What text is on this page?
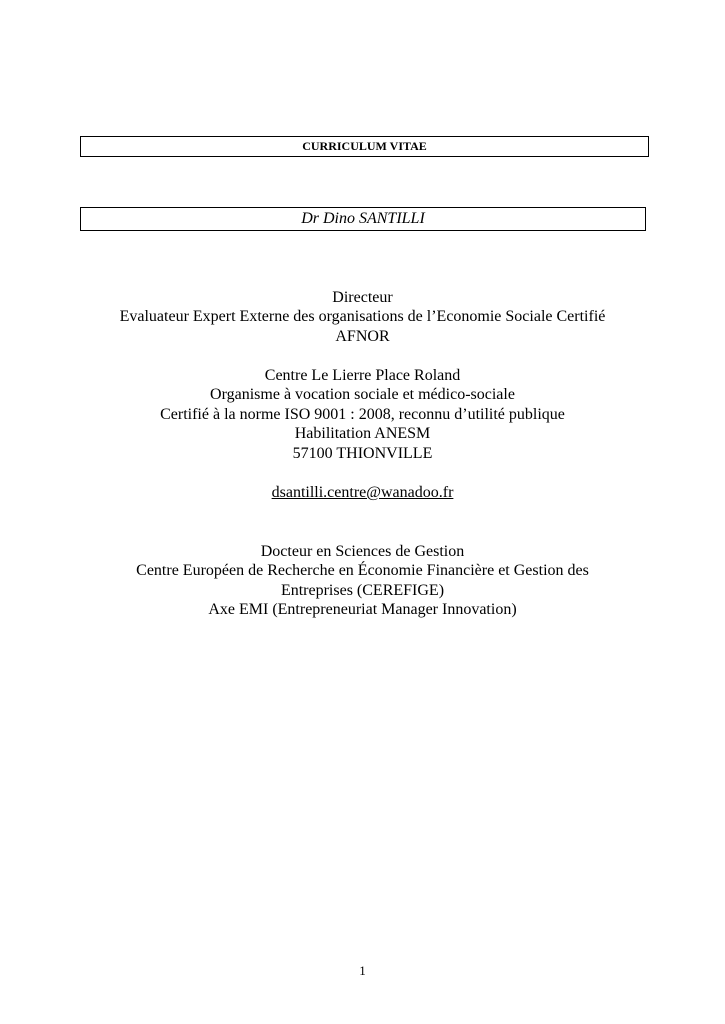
CURRICULUM VITAE
Dr Dino SANTILLI
Directeur
Evaluateur Expert Externe des organisations de l’Economie Sociale Certifié
AFNOR
Centre Le Lierre Place Roland
Organisme à vocation sociale et médico-sociale
Certifié à la norme ISO 9001 : 2008, reconnu d’utilité publique
Habilitation ANESM
57100 THIONVILLE
dsantilli.centre@wanadoo.fr
Docteur en Sciences de Gestion
Centre Européen de Recherche en Économie Financière et Gestion des
Entreprises (CEREFIGE)
Axe EMI (Entrepreneuriat Manager Innovation)
1
